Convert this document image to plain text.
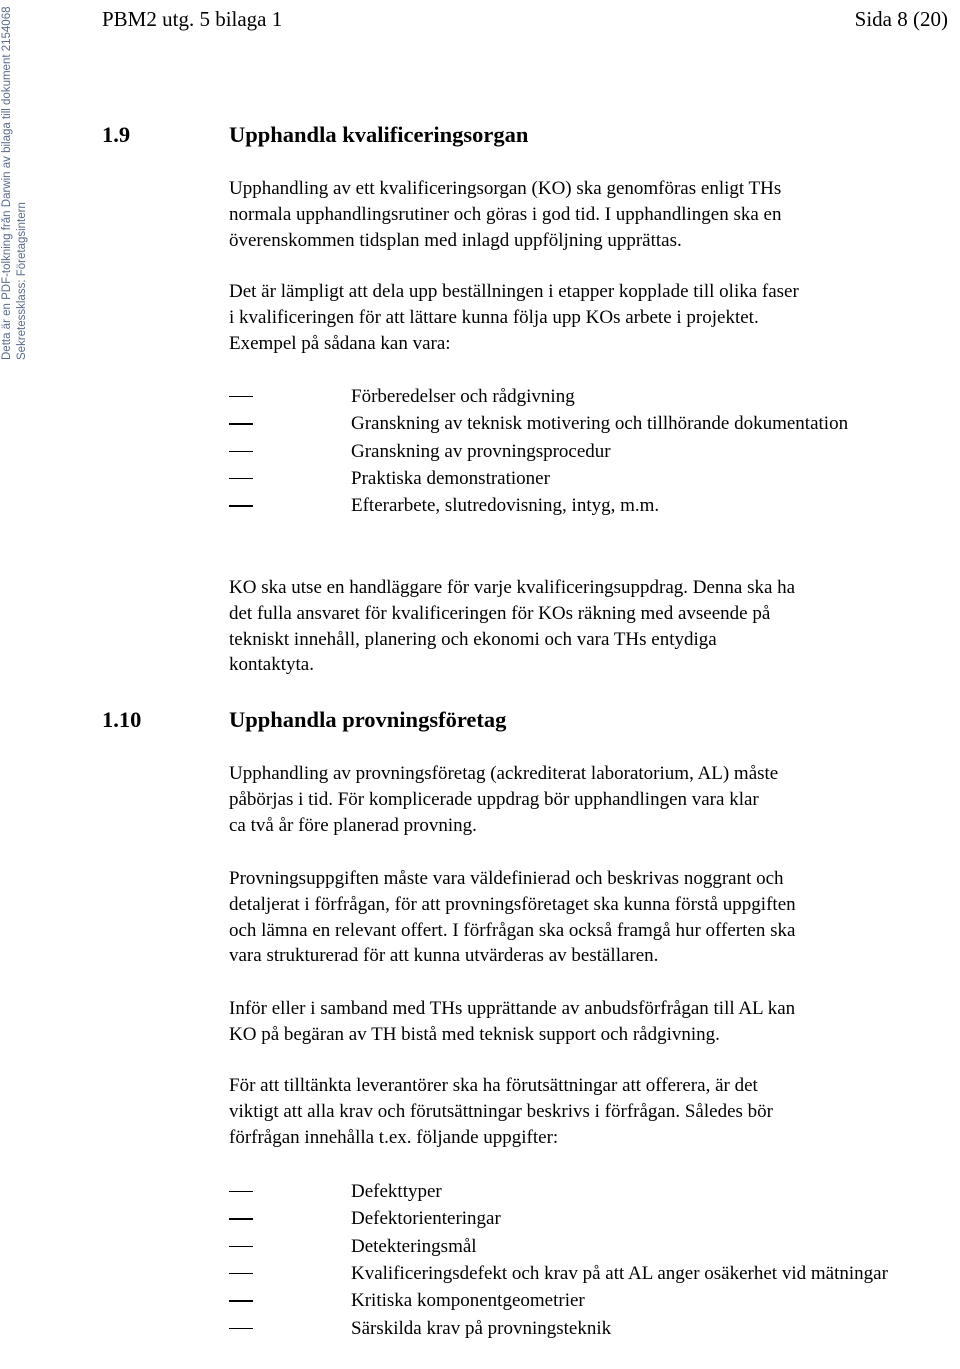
Detta är en PDF-tolkning från Darwin av bilaga till dokument 2154068 Sekretessklass: Företagsintern
PBM2 utg. 5 bilaga 1	Sida 8 (20)
1.9	Upphandla kvalificeringsorgan
Upphandling av ett kvalificeringsorgan (KO) ska genomföras enligt THs
normala upphandlingsrutiner och göras i god tid. I upphandlingen ska en
överenskommen tidsplan med inlagd uppföljning upprättas.
Det är lämpligt att dela upp beställningen i etapper kopplade till olika faser
i kvalificeringen för att lättare kunna följa upp KOs arbete i projektet.
Exempel på sådana kan vara:
Förberedelser och rådgivning
Granskning av teknisk motivering och tillhörande dokumentation
Granskning av provningsprocedur
Praktiska demonstrationer
Efterarbete, slutredovisning, intyg, m.m.
KO ska utse en handläggare för varje kvalificeringsuppdrag. Denna ska ha
det fulla ansvaret för kvalificeringen för KOs räkning med avseende på
tekniskt innehåll, planering och ekonomi och vara THs entydiga
kontaktyta.
1.10	Upphandla provningsföretag
Upphandling av provningsföretag (ackrediterat laboratorium, AL) måste
påbörjas i tid. För komplicerade uppdrag bör upphandlingen vara klar
ca två år före planerad provning.
Provningsuppgiften måste vara väldefinierad och beskrivas noggrant och
detaljerat i förfrågan, för att provningsföretaget ska kunna förstå uppgiften
och lämna en relevant offert. I förfrågan ska också framgå hur offerten ska
vara strukturerad för att kunna utvärderas av beställaren.
Inför eller i samband med THs upprättande av anbudsförfrågan till AL kan
KO på begäran av TH bistå med teknisk support och rådgivning.
För att tilltänkta leverantörer ska ha förutsättningar att offerera, är det
viktigt att alla krav och förutsättningar beskrivs i förfrågan. Således bör
förfrågan innehålla t.ex. följande uppgifter:
Defekttyper
Defektorienteringar
Detekteringsmål
Kvalificeringsdefekt och krav på att AL anger osäkerhet vid mätningar
Kritiska komponentgeometrier
Särskilda krav på provningsteknik
